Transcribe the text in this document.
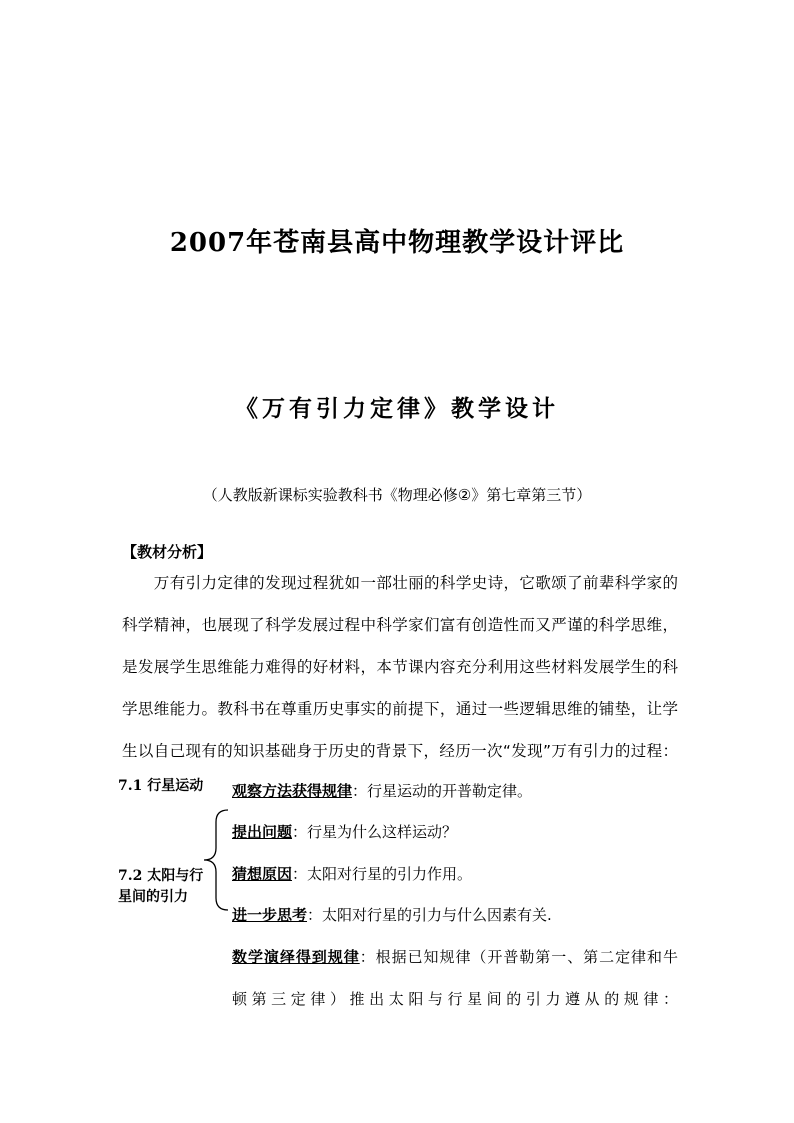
2007年苍南县高中物理教学设计评比
《万有引力定律》教学设计
（人教版新课标实验教科书《物理必修②》第七章第三节）
【教材分析】
　　万有引力定律的发现过程犹如一部壮丽的科学史诗，它歌颂了前辈科学家的
科学精神，也展现了科学发展过程中科学家们富有创造性而又严谨的科学思维，
是发展学生思维能力难得的好材料，本节课内容充分利用这些材料发展学生的科
学思维能力。教科书在尊重历史事实的前提下，通过一些逻辑思维的铺垫，让学
生以自己现有的知识基础身于历史的背景下，经历一次“发现”万有引力的过程：
7.1 行星运动
7.2 太阳与行
星间的引力
观察方法获得规律：行星运动的开普勒定律。
提出问题：行星为什么这样运动？
猜想原因：太阳对行星的引力作用。
进一步思考：太阳对行星的引力与什么因素有关.
数学演绎得到规律：根据已知规律（开普勒第一、第二定律和牛
顿第三定律）推出太阳与行星间的引力遵从的规律：
